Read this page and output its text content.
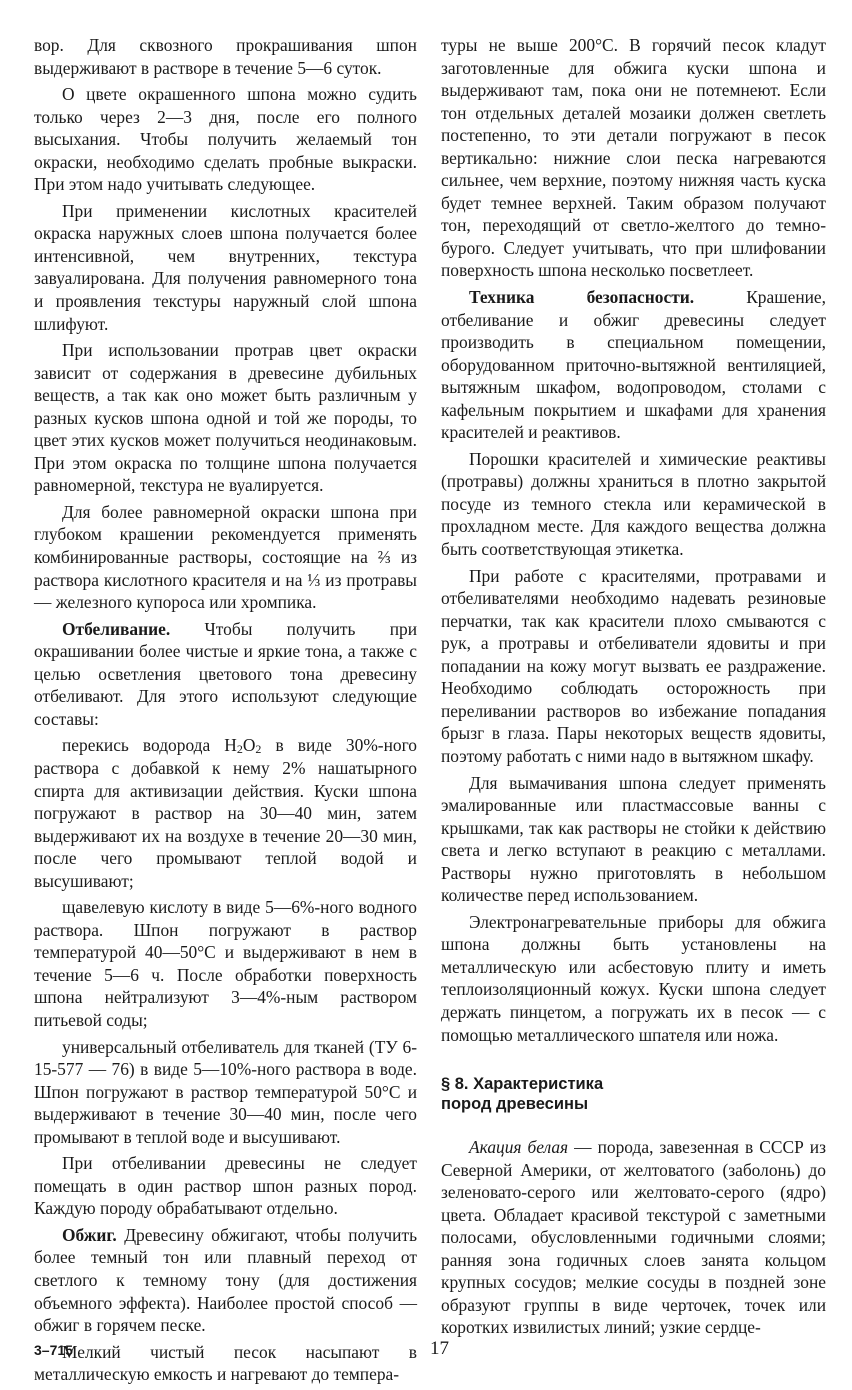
вор. Для сквозного прокрашивания шпон выдерживают в растворе в течение 5—6 суток.

О цвете окрашенного шпона можно судить только через 2—3 дня, после его полного высыхания. Чтобы получить желаемый тон окраски, необходимо сделать пробные выкраски. При этом надо учитывать следующее.

При применении кислотных красителей окраска наружных слоев шпона получается более интенсивной, чем внутренних, текстура завуалирована. Для получения равномерного тона и проявления текстуры наружный слой шпона шлифуют.

При использовании протрав цвет окраски зависит от содержания в древесине дубильных веществ, а так как оно может быть различным у разных кусков шпона одной и той же породы, то цвет этих кусков может получиться неодинаковым. При этом окраска по толщине шпона получается равномерной, текстура не вуалируется.

Для более равномерной окраски шпона при глубоком крашении рекомендуется применять комбинированные растворы, состоящие на ⅔ из раствора кислотного красителя и на ⅓ из протравы — железного купороса или хромпика.

Отбеливание. Чтобы получить при окрашивании более чистые и яркие тона, а также с целью осветления цветового тона древесину отбеливают. Для этого используют следующие составы:

перекись водорода $H_2O_2$ в виде 30%-ного раствора с добавкой к нему 2% нашатырного спирта для активизации действия. Куски шпона погружают в раствор на 30—40 мин, затем выдерживают их на воздухе в течение 20—30 мин, после чего промывают теплой водой и высушивают;

щавелевую кислоту в виде 5—6%-ного водного раствора. Шпон погружают в раствор температурой 40—50°С и выдерживают в нем в течение 5—6 ч. После обработки поверхность шпона нейтрализуют 3—4%-ным раствором питьевой соды;

универсальный отбеливатель для тканей (ТУ 6-15-577 — 76) в виде 5—10%-ного раствора в воде. Шпон погружают в раствор температурой 50°С и выдерживают в течение 30—40 мин, после чего промывают в теплой воде и высушивают.

При отбеливании древесины не следует помещать в один раствор шпон разных пород. Каждую породу обрабатывают отдельно.

Обжиг. Древесину обжигают, чтобы получить более темный тон или плавный переход от светлого к темному тону (для достижения объемного эффекта). Наиболее простой способ — обжиг в горячем песке.

Мелкий чистый песок насыпают в металлическую емкость и нагревают до темпера-

туры не выше 200°С. В горячий песок кладут заготовленные для обжига куски шпона и выдерживают там, пока они не потемнеют. Если тон отдельных деталей мозаики должен светлеть постепенно, то эти детали погружают в песок вертикально: нижние слои песка нагреваются сильнее, чем верхние, поэтому нижняя часть куска будет темнее верхней. Таким образом получают тон, переходящий от светло-желтого до темно-бурого. Следует учитывать, что при шлифовании поверхность шпона несколько посветлеет.

Техника безопасности. Крашение, отбеливание и обжиг древесины следует производить в специальном помещении, оборудованном приточно-вытяжной вентиляцией, вытяжным шкафом, водопроводом, столами с кафельным покрытием и шкафами для хранения красителей и реактивов.

Порошки красителей и химические реактивы (протравы) должны храниться в плотно закрытой посуде из темного стекла или керамической в прохладном месте. Для каждого вещества должна быть соответствующая этикетка.

При работе с красителями, протравами и отбеливателями необходимо надевать резиновые перчатки, так как красители плохо смываются с рук, а протравы и отбеливатели ядовиты и при попадании на кожу могут вызвать ее раздражение. Необходимо соблюдать осторожность при переливании растворов во избежание попадания брызг в глаза. Пары некоторых веществ ядовиты, поэтому работать с ними надо в вытяжном шкафу.

Для вымачивания шпона следует применять эмалированные или пластмассовые ванны с крышками, так как растворы не стойки к действию света и легко вступают в реакцию с металлами. Растворы нужно приготовлять в небольшом количестве перед использованием.

Электронагревательные приборы для обжига шпона должны быть установлены на металлическую или асбестовую плиту и иметь теплоизоляционный кожух. Куски шпона следует держать пинцетом, а погружать их в песок — с помощью металлического шпателя или ножа.

§ 8. Характеристика
пород древесины

Акация белая — порода, завезенная в СССР из Северной Америки, от желтоватого (заболонь) до зеленовато-серого или желтовато-серого (ядро) цвета. Обладает красивой текстурой с заметными полосами, обусловленными годичными слоями; ранняя зона годичных слоев занята кольцом крупных сосудов; мелкие сосуды в поздней зоне образуют группы в виде черточек, точек или коротких извилистых линий; узкие сердце-

3–715	17
